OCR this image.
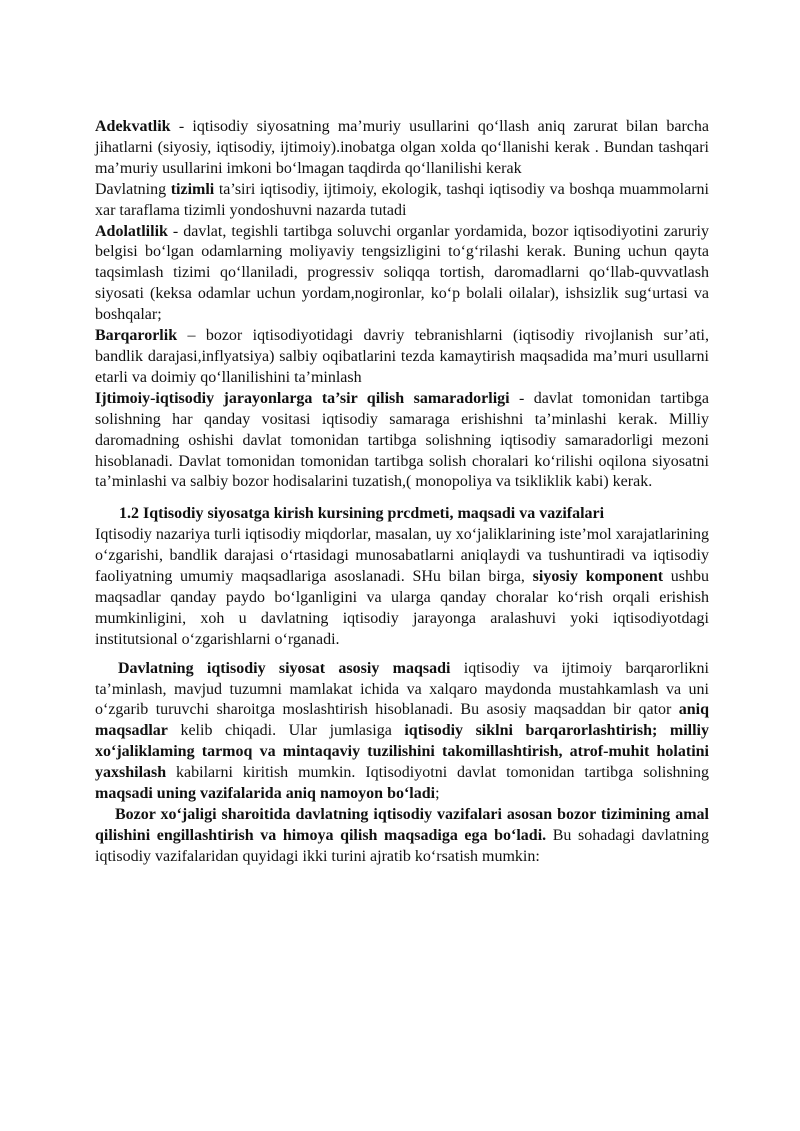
Adekvatlik - iqtisodiy siyosatning ma’muriy usullarini qo‘llash aniq zarurat bilan barcha jihatlarni (siyosiy, iqtisodiy, ijtimoiy).inobatga olgan xolda qo‘llanishi kerak . Bundan tashqari ma’muriy usullarini imkoni bo‘lmagan taqdirda qo‘llanilishi kerak

Davlatning tizimli ta’siri iqtisodiy, ijtimoiy, ekologik, tashqi iqtisodiy va boshqa muammolarni xar taraflama tizimli yondoshuvni nazarda tutadi

Adolatlilik - davlat, tegishli tartibga soluvchi organlar yordamida, bozor iqtisodiyotini zaruriy belgisi bo‘lgan odamlarning moliyaviy tengsizligini to‘g‘rilashi kerak. Buning uchun qayta taqsimlash tizimi qo‘llaniladi, progressiv soliqqa tortish, daromadlarni qo‘llab-quvvatlash siyosati (keksa odamlar uchun yordam,nogironlar, ko‘p bolali oilalar), ishsizlik sug‘urtasi va boshqalar;

Barqarorlik – bozor iqtisodiyotidagi davriy tebranishlarni (iqtisodiy rivojlanish sur’ati, bandlik darajasi,inflyatsiya) salbiy oqibatlarini tezda kamaytirish maqsadida ma’muri usullarni etarli va doimiy qo‘llanilishini ta’minlash

Ijtimoiy-iqtisodiy jarayonlarga ta’sir qilish samaradorligi - davlat tomonidan tartibga solishning har qanday vositasi iqtisodiy samaraga erishishni ta’minlashi kerak. Milliy daromadning oshishi davlat tomonidan tartibga solishning iqtisodiy samaradorligi mezoni hisoblanadi. Davlat tomonidan tomonidan tartibga solish choralari ko‘rilishi oqilona siyosatni ta’minlashi va salbiy bozor hodisalarini tuzatish,( monopoliya va tsikliklik kabi) kerak.

1.2 Iqtisodiy siyosatga kirish kursining prcdmeti, maqsadi va vazifalari

Iqtisodiy nazariya turli iqtisodiy miqdorlar, masalan, uy xo‘jaliklarining iste’mol xarajatlarining o‘zgarishi, bandlik darajasi o‘rtasidagi munosabatlarni aniqlaydi va tushuntiradi va iqtisodiy faoliyatning umumiy maqsadlariga asoslanadi. SHu bilan birga, siyosiy komponent ushbu maqsadlar qanday paydo bo‘lganligini va ularga qanday choralar ko‘rish orqali erishish mumkinligini, xoh u davlatning iqtisodiy jarayonga aralashuvi yoki iqtisodiyotdagi institutsional o‘zgarishlarni o‘rganadi.

Davlatning iqtisodiy siyosat asosiy maqsadi iqtisodiy va ijtimoiy barqarorlikni ta’minlash, mavjud tuzumni mamlakat ichida va xalqaro maydonda mustahkamlash va uni o‘zgarib turuvchi sharoitga moslashtirish hisoblanadi. Bu asosiy maqsaddan bir qator aniq maqsadlar kelib chiqadi. Ular jumlasiga iqtisodiy siklni barqarorlashtirish; milliy xo‘jaliklaming tarmoq va mintaqaviy tuzilishini takomillashtirish, atrof-muhit holatini yaxshilash kabilarni kiritish mumkin. Iqtisodiyotni davlat tomonidan tartibga solishning maqsadi uning vazifalarida aniq namoyon bo‘ladi;

Bozor xo‘jaligi sharoitida davlatning iqtisodiy vazifalari asosan bozor tizimining amal qilishini engillashtirish va himoya qilish maqsadiga ega bo‘ladi. Bu sohadagi davlatning iqtisodiy vazifalaridan quyidagi ikki turini ajratib ko‘rsatish mumkin:
